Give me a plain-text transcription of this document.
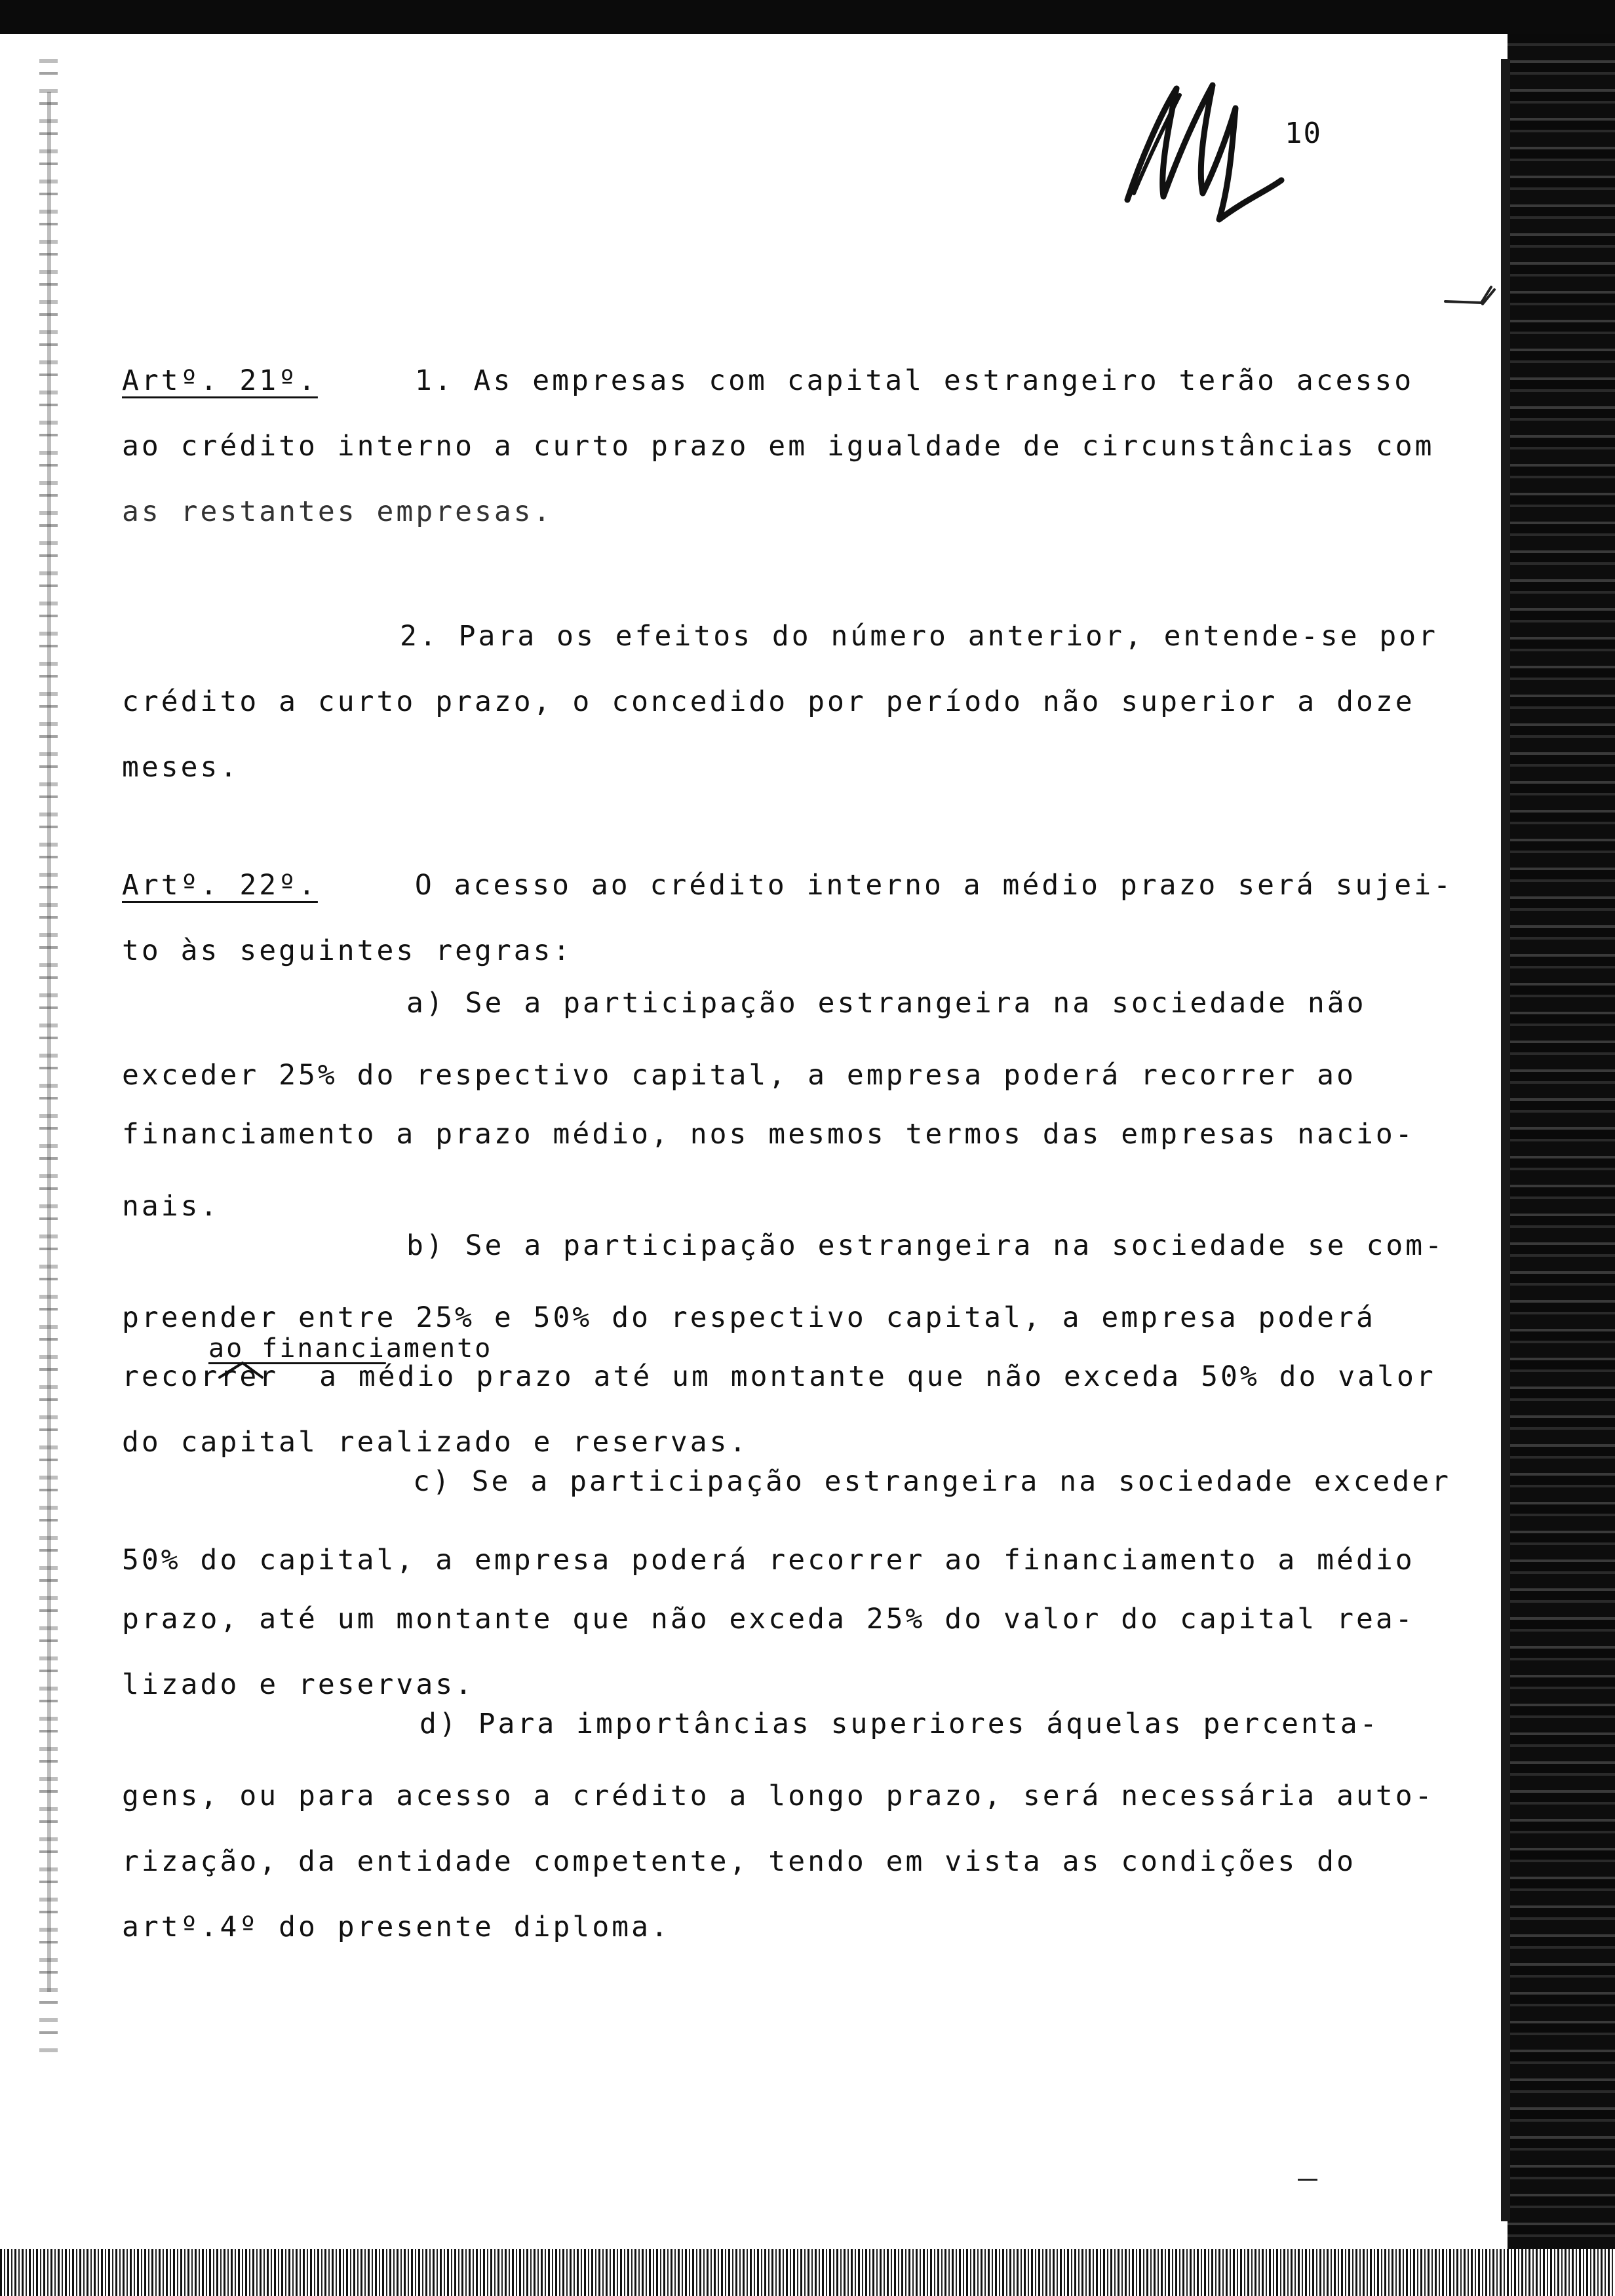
10
Artº. 21º.	1. As empresas com capital estrangeiro terão acesso
ao crédito interno a curto prazo em igualdade de circunstâncias com
as restantes empresas.
2. Para os efeitos do número anterior, entende-se por
crédito a curto prazo, o concedido por período não superior a doze
meses.
Artº. 22º.	O acesso ao crédito interno a médio prazo será sujei-
to às seguintes regras:
a) Se a participação estrangeira na sociedade não
exceder 25% do respectivo capital, a empresa poderá recorrer ao
financiamento a prazo médio, nos mesmos termos das empresas nacio-
nais.
b) Se a participação estrangeira na sociedade se com-
preender entre 25% e 50% do respectivo capital, a empresa poderá
ao financiamento
recorrer a médio prazo até um montante que não exceda 50% do valor
do capital realizado e reservas.
c) Se a participação estrangeira na sociedade exceder
50% do capital, a empresa poderá recorrer ao financiamento a médio
prazo, até um montante que não exceda 25% do valor do capital rea-
lizado e reservas.
d) Para importâncias superiores áquelas percenta-
gens, ou para acesso a crédito a longo prazo, será necessária auto-
rização, da entidade competente, tendo em vista as condições do
artº.4º do presente diploma.
